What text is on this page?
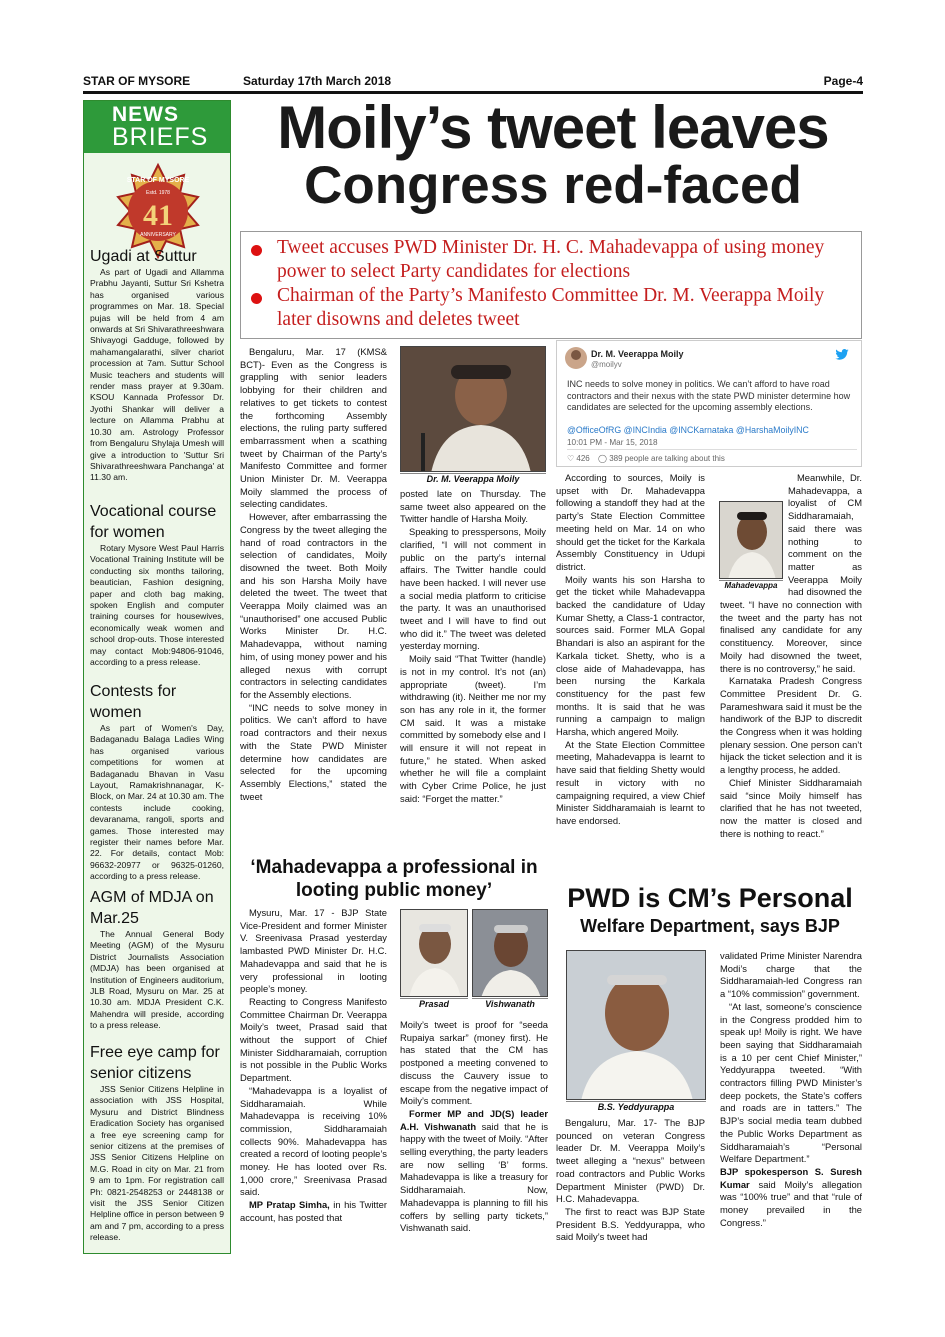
STAR OF MYSORE	Saturday 17th March 2018	Page-4
NEWS
BRIEFS
STAR OF MYSORE
Estd. 1978
41
ANNIVERSARY
Ugadi at Suttur
As part of Ugadi and Allamma Prabhu Jayanti, Suttur Sri Kshetra has organised various programmes on Mar. 18. Special pujas will be held from 4 am onwards at Sri Shivarathreeshwara Shivayogi Gadduge, followed by mahamangalarathi, silver chariot procession at 7am. Suttur School Music teachers and students will render mass prayer at 9.30am. KSOU Kannada Professor Dr. Jyothi Shankar will deliver a lecture on Allamma Prabhu at 10.30 am. Astrology Professor from Bengaluru Shylaja Umesh will give a introduction to 'Suttur Sri Shivarathreeshwara Panchanga' at 11.30 am.
Vocational course for women
Rotary Mysore West Paul Harris Vocational Training Institute will be conducting six months tailoring, beautician, Fashion designing, paper and cloth bag making, spoken English and computer training courses for housewives, economically weak women and school drop-outs. Those interested may contact Mob:94806-91046, according to a press release.
Contests for women
As part of Women's Day, Badaganadu Balaga Ladies Wing has organised various competitions for women at Badaganadu Bhavan in Vasu Layout, Ramakrishnanagar, K-Block, on Mar. 24 at 10.30 am. The contests include cooking, devaranama, rangoli, sports and games. Those interested may register their names before Mar. 22. For details, contact Mob: 96632-20977 or 96325-01260, according to a press release.
AGM of MDJA on Mar.25
The Annual General Body Meeting (AGM) of the Mysuru District Journalists Association (MDJA) has been organised at Institution of Engineers auditorium, JLB Road, Mysuru on Mar. 25 at 10.30 am. MDJA President C.K. Mahendra will preside, according to a press release.
Free eye camp for senior citizens
JSS Senior Citizens Helpline in association with JSS Hospital, Mysuru and District Blindness Eradication Society has organised a free eye screening camp for senior citizens at the premises of JSS Senior Citizens Helpline on M.G. Road in city on Mar. 21 from 9 am to 1pm. For registration call Ph: 0821-2548253 or 2448138 or visit the JSS Senior Citizen Helpline office in person between 9 am and 7 pm, according to a press release.
Moily’s tweet leaves
Congress red-faced
Tweet accuses PWD Minister Dr. H. C. Mahadevappa of using money power to select Party candidates for elections
Chairman of the Party’s Manifesto Committee Dr. M. Veerappa Moily later disowns and deletes tweet

Bengaluru, Mar. 17 (KMS& BCT)- Even as the Congress is grappling with senior leaders lobbying for their children and relatives to get tickets to contest the forthcoming Assembly elections, the ruling party suffered embarrassment when a scathing tweet by Chairman of the Party’s Manifesto Committee and former Union Minister Dr. M. Veerappa Moily slammed the process of selecting candidates.

However, after embarrassing the Congress by the tweet alleging the hand of road contractors in the selection of candidates, Moily disowned the tweet. Both Moily and his son Harsha Moily have deleted the tweet. The tweet that Veerappa Moily claimed was an “unauthorised” one accused Public Works Minister Dr. H.C. Mahadevappa, without naming him, of using money power and his alleged nexus with corrupt contractors in selecting candidates for the Assembly elections.

“INC needs to solve money in politics. We can’t afford to have road contractors and their nexus with the State PWD Minister determine how candidates are selected for the upcoming Assembly Elections,” stated the tweet

Dr. M. Veerappa Moily

posted late on Thursday. The same tweet also appeared on the Twitter handle of Harsha Moily.

Speaking to presspersons, Moily clarified, “I will not comment in public on the party’s internal affairs. The Twitter handle could have been hacked. I will never use a social media platform to criticise the party. It was an unauthorised tweet and I will have to find out who did it.” The tweet was deleted yesterday morning.

Moily said “That Twitter (handle) is not in my control. It’s not (an) appropriate (tweet). I’m withdrawing (it). Neither me nor my son has any role in it, the former CM said. It was a mistake committed by somebody else and I will ensure it will not repeat in future,” he stated. When asked whether he will file a complaint with Cyber Crime Police, he just said: “Forget the matter.”

Dr. M. Veerappa Moily
@moilyv
INC needs to solve money in politics. We can’t afford to have road contractors and their nexus with the state PWD minister determine how candidates are selected for the upcoming assembly elections.
@OfficeOfRG @INCIndia @INCKarnataka @HarshaMoilyINC
10:01 PM - Mar 15, 2018
♡ 426 ◯ 389 people are talking about this

According to sources, Moily is upset with Dr. Mahadevappa following a standoff they had at the party’s State Election Committee meeting held on Mar. 14 on who should get the ticket for the Karkala Assembly Constituency in Udupi district.

Moily wants his son Harsha to get the ticket while Mahadevappa backed the candidature of Uday Kumar Shetty, a Class-1 contractor, sources said. Former MLA Gopal Bhandari is also an aspirant for the Karkala ticket. Shetty, who is a close aide of Mahadevappa, has been nursing the Karkala constituency for the past few months. It is said that he was running a campaign to malign Harsha, which angered Moily.

At the State Election Committee meeting, Mahadevappa is learnt to have said that fielding Shetty would result in victory with no campaigning required, a view Chief Minister Siddharamaiah is learnt to have endorsed.

Mahadevappa

Meanwhile, Dr. Mahadevappa, a loyalist of CM Siddharamaiah, said there was nothing to comment on the matter as Veerappa Moily had disowned the tweet. “I have no connection with the tweet and the party has not finalised any candidate for any constituency. Moreover, since Moily had disowned the tweet, there is no controversy,” he said.

Karnataka Pradesh Congress Committee President Dr. G. Parameshwara said it must be the handiwork of the BJP to discredit the Congress when it was holding plenary session. One person can’t hijack the ticket selection and it is a lengthy process, he added.

Chief Minister Siddharamaiah said “since Moily himself has clarified that he has not tweeted, now the matter is closed and there is nothing to react.”

‘Mahadevappa a professional in looting public money’

Mysuru, Mar. 17 - BJP State Vice-President and former Minister V. Sreenivasa Prasad yesterday lambasted PWD Minister Dr. H.C. Mahadevappa and said that he is very professional in looting people’s money.

Reacting to Congress Manifesto Committee Chairman Dr. Veerappa Moily’s tweet, Prasad said that without the support of Chief Minister Siddharamaiah, corruption is not possible in the Public Works Department.

“Mahadevappa is a loyalist of Siddharamaiah. While Mahadevappa is receiving 10% commission, Siddharamaiah collects 90%. Mahadevappa has created a record of looting people’s money. He has looted over Rs. 1,000 crore,” Sreenivasa Prasad said.

MP Pratap Simha, in his Twitter account, has posted that

Prasad	Vishwanath

Moily’s tweet is proof for “seeda Rupaiya sarkar” (money first). He has stated that the CM has postponed a meeting convened to discuss the Cauvery issue to escape from the negative impact of Moily’s comment.

Former MP and JD(S) leader A.H. Vishwanath said that he is happy with the tweet of Moily. “After selling everything, the party leaders are now selling ‘B’ forms. Mahadevappa is like a treasury for Siddharamaiah. Now, Mahadevappa is planning to fill his coffers by selling party tickets,” Vishwanath said.

PWD is CM’s Personal
Welfare Department, says BJP
B.S. Yeddyurappa

Bengaluru, Mar. 17- The BJP pounced on veteran Congress leader Dr. M. Veerappa Moily’s tweet alleging a “nexus” between road contractors and Public Works Department Minister (PWD) Dr. H.C. Mahadevappa.

The first to react was BJP State President B.S. Yeddyurappa, who said Moily’s tweet had

validated Prime Minister Narendra Modi’s charge that the Siddharamaiah-led Congress ran a “10% commission” government.

“At last, someone’s conscience in the Congress prodded him to speak up! Moily is right. We have been saying that Siddharamaiah is a 10 per cent Chief Minister,” Yeddyurappa tweeted. “With contractors filling PWD Minister’s deep pockets, the State’s coffers and roads are in tatters.” The BJP’s social media team dubbed the Public Works Department as Siddharamaiah’s “Personal Welfare Department.”

BJP spokesperson S. Suresh Kumar said Moily’s allegation was “100% true” and that “rule of money prevailed in the Congress.”
